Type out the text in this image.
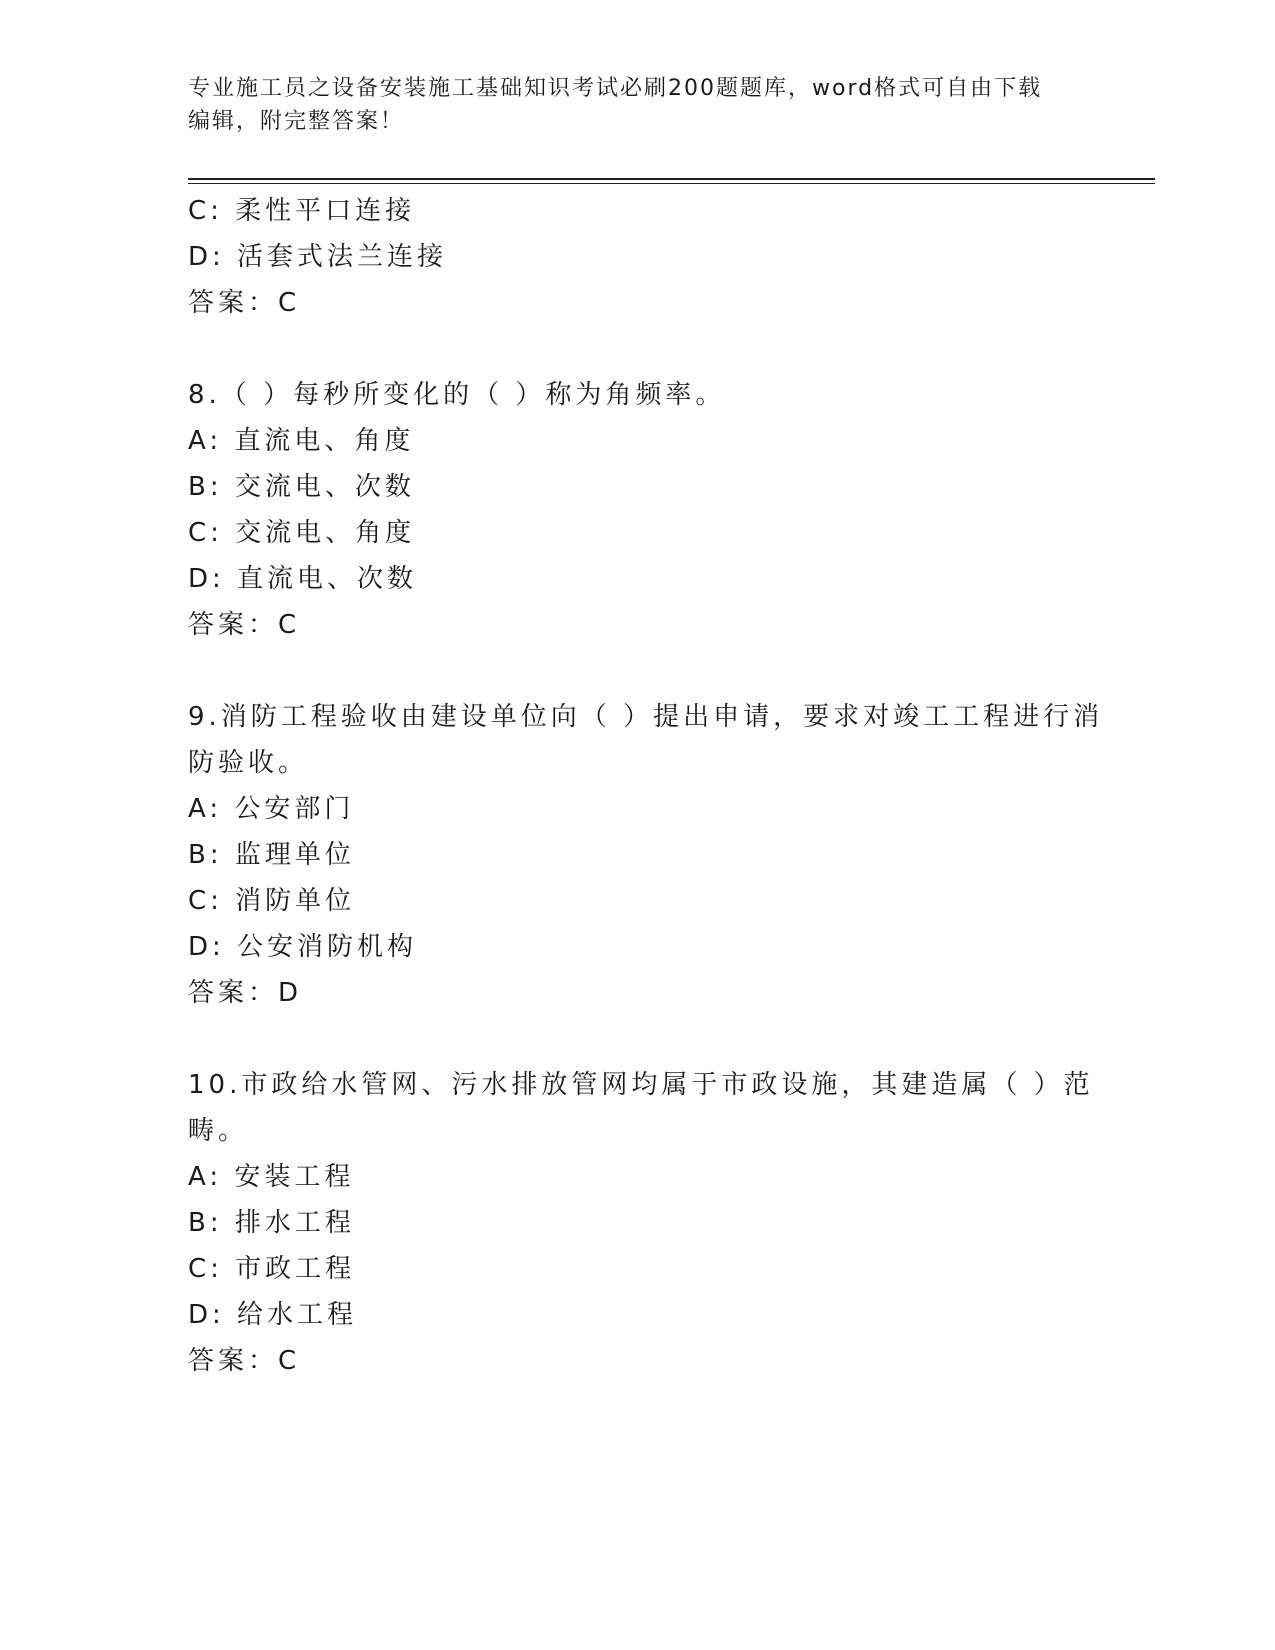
专业施工员之设备安装施工基础知识考试必刷200题题库，word格式可自由下载
编辑，附完整答案！
C: 柔性平口连接
D: 活套式法兰连接
答案：C
8.（ ）每秒所变化的（ ）称为角频率。
A: 直流电、角度
B: 交流电、次数
C: 交流电、角度
D: 直流电、次数
答案：C
9.消防工程验收由建设单位向（ ）提出申请，要求对竣工工程进行消
防验收。
A: 公安部门
B: 监理单位
C: 消防单位
D: 公安消防机构
答案：D
10.市政给水管网、污水排放管网均属于市政设施，其建造属（ ）范
畴。
A: 安装工程
B: 排水工程
C: 市政工程
D: 给水工程
答案：C
